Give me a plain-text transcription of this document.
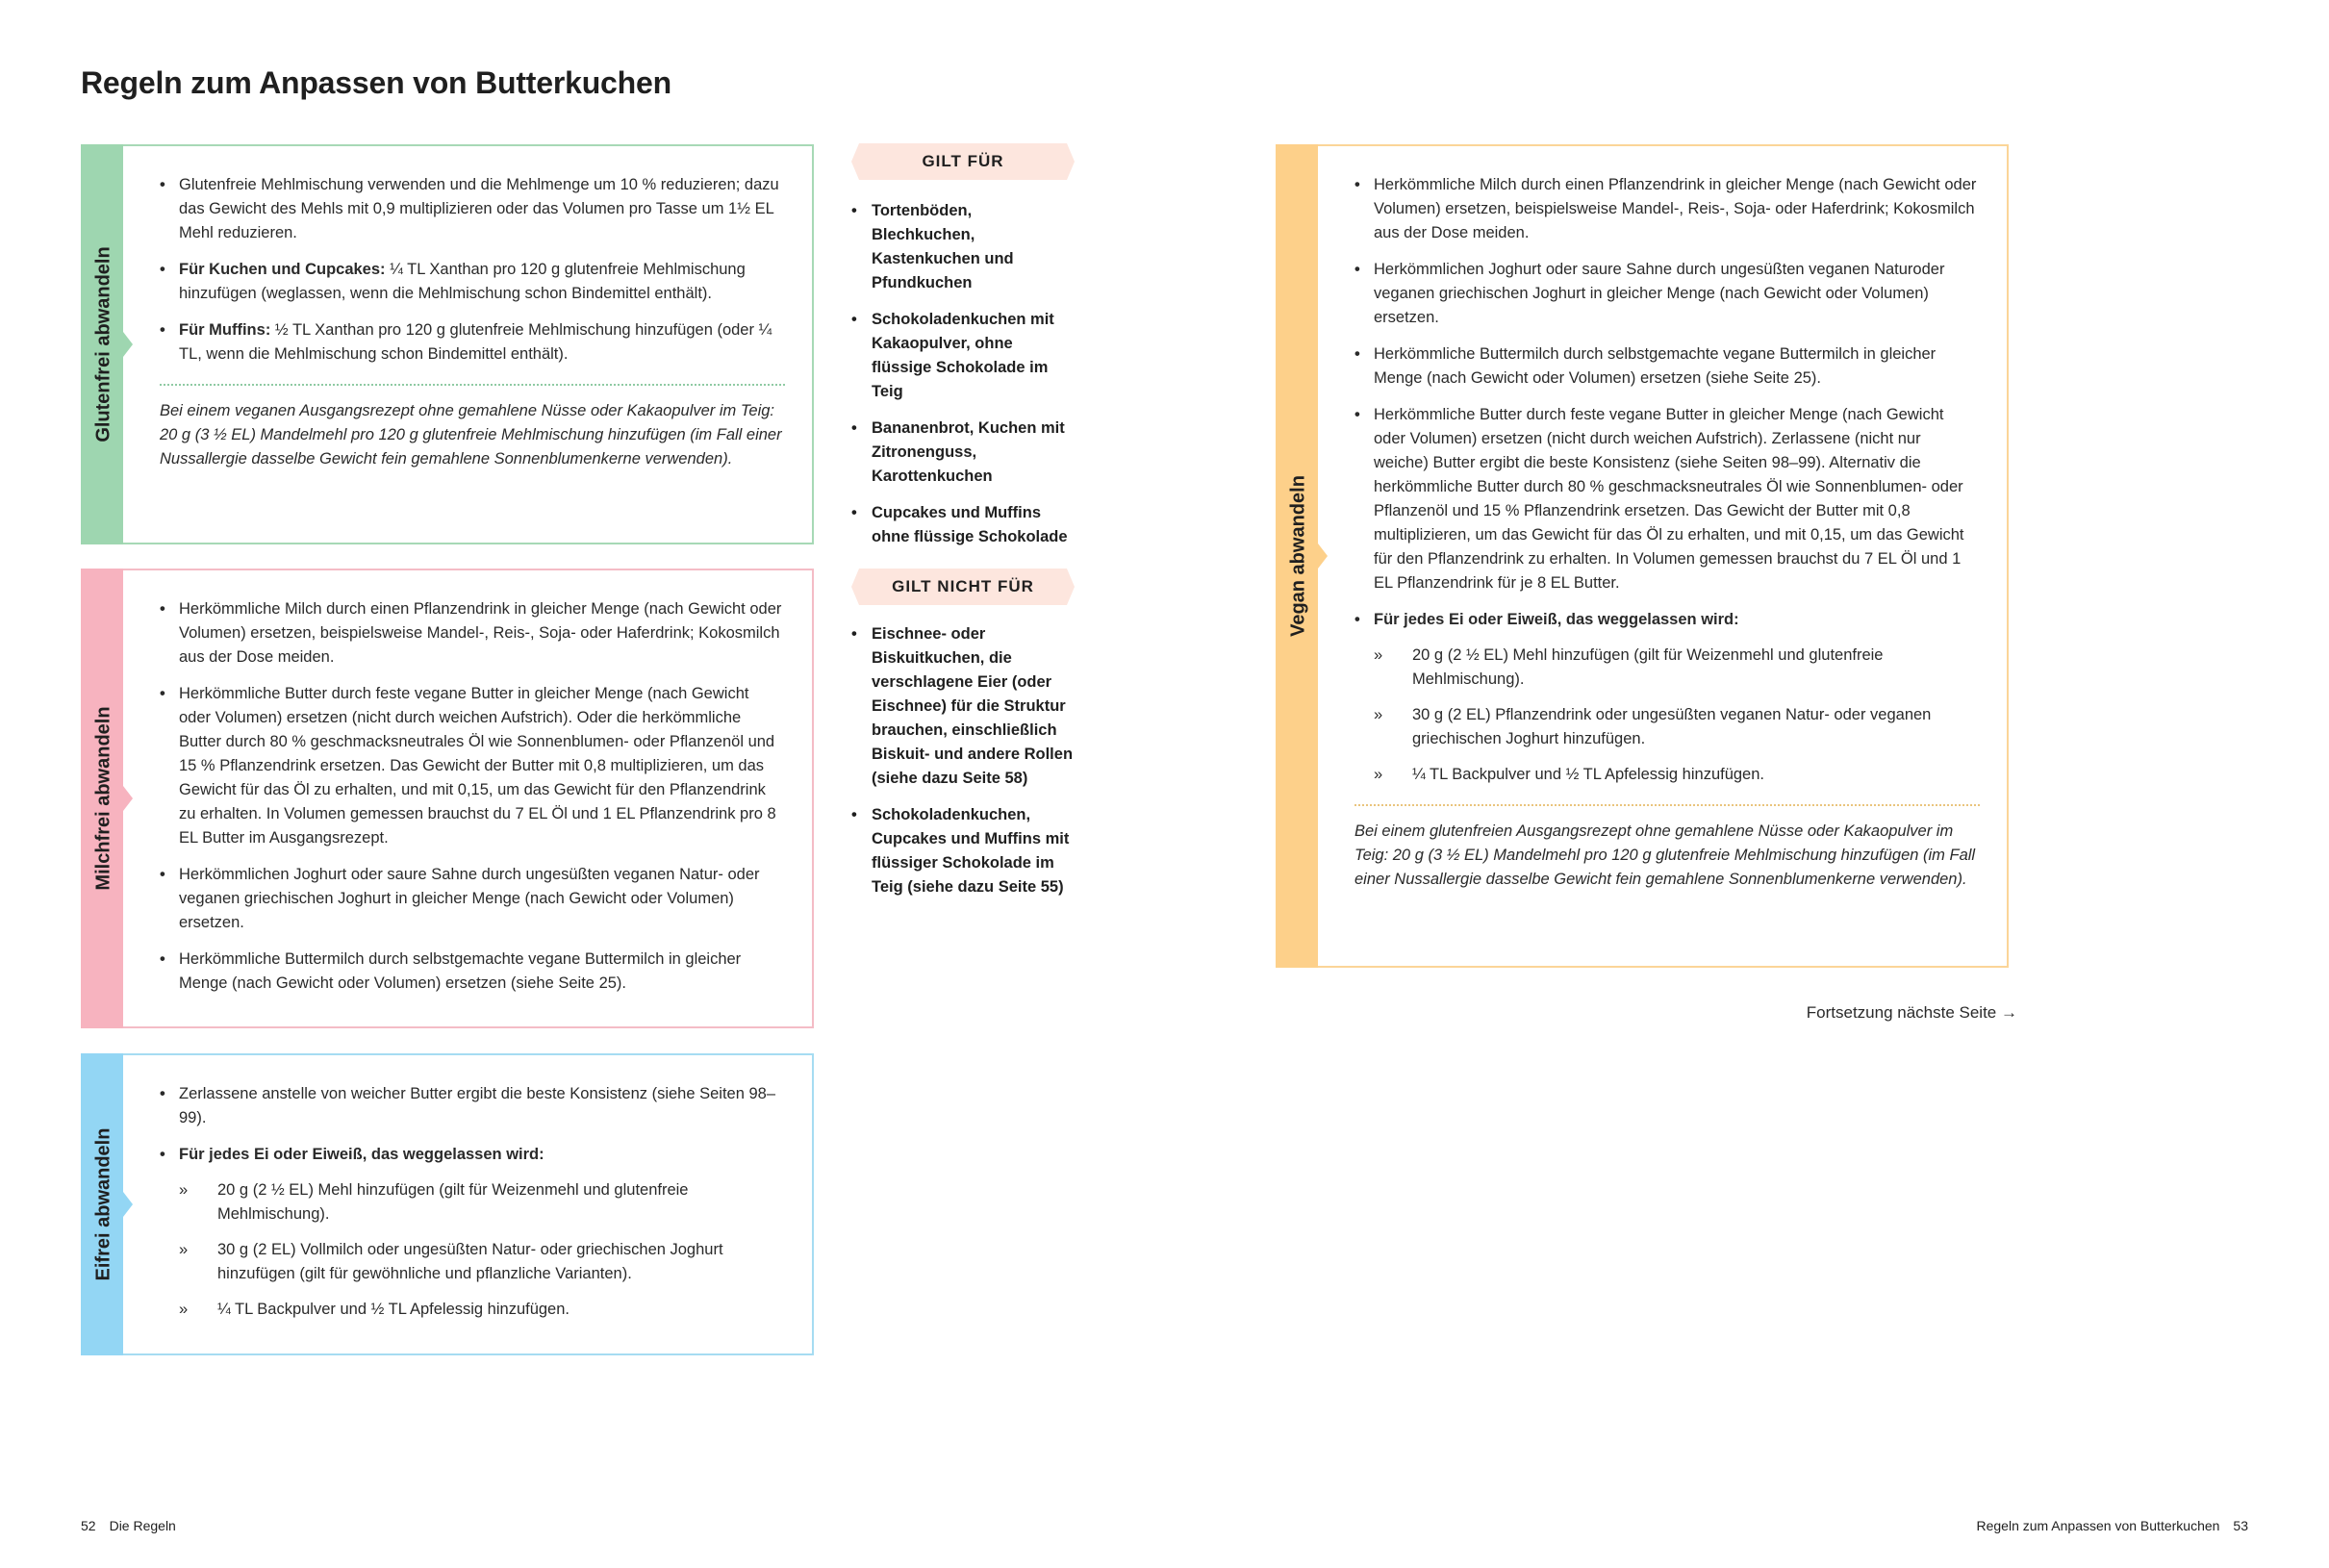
Regeln zum Anpassen von Butterkuchen
Glutenfrei abwandeln
• Glutenfreie Mehlmischung verwenden und die Mehlmenge um 10 % reduzieren; dazu das Gewicht des Mehls mit 0,9 multiplizieren oder das Volumen pro Tasse um 1½ EL Mehl reduzieren.
• Für Kuchen und Cupcakes: ¼ TL Xanthan pro 120 g glutenfreie Mehlmischung hinzufügen (weglassen, wenn die Mehlmischung schon Bindemittel enthält).
• Für Muffins: ½ TL Xanthan pro 120 g glutenfreie Mehlmischung hinzufügen (oder ¼ TL, wenn die Mehlmischung schon Bindemittel enthält).

Bei einem veganen Ausgangsrezept ohne gemahlene Nüsse oder Kakaopulver im Teig: 20 g (3 ½ EL) Mandelmehl pro 120 g glutenfreie Mehlmischung hinzufügen (im Fall einer Nussallergie dasselbe Gewicht fein gemahlene Sonnenblumenkerne verwenden).

Milchfrei abwandeln
• Herkömmliche Milch durch einen Pflanzendrink in gleicher Menge (nach Gewicht oder Volumen) ersetzen, beispielsweise Mandel-, Reis-, Soja- oder Haferdrink; Kokosmilch aus der Dose meiden.
• Herkömmliche Butter durch feste vegane Butter in gleicher Menge (nach Gewicht oder Volumen) ersetzen (nicht durch weichen Aufstrich). Oder die herkömmliche Butter durch 80 % geschmacksneutrales Öl wie Sonnenblumen- oder Pflanzenöl und 15 % Pflanzendrink ersetzen. Das Gewicht der Butter mit 0,8 multiplizieren, um das Gewicht für das Öl zu erhalten, und mit 0,15, um das Gewicht für den Pflanzendrink zu erhalten. In Volumen gemessen brauchst du 7 EL Öl und 1 EL Pflanzendrink pro 8 EL Butter im Ausgangsrezept.
• Herkömmlichen Joghurt oder saure Sahne durch ungesüßten veganen Natur- oder veganen griechischen Joghurt in gleicher Menge (nach Gewicht oder Volumen) ersetzen.
• Herkömmliche Buttermilch durch selbstgemachte vegane Buttermilch in gleicher Menge (nach Gewicht oder Volumen) ersetzen (siehe Seite 25).
Eifrei abwandeln
• Zerlassene anstelle von weicher Butter ergibt die beste Konsistenz (siehe Seiten 98–99).
• Für jedes Ei oder Eiweiß, das weggelassen wird:
» 20 g (2 ½ EL) Mehl hinzufügen (gilt für Weizenmehl und glutenfreie Mehlmischung).
» 30 g (2 EL) Vollmilch oder ungesüßten Natur- oder griechischen Joghurt hinzufügen (gilt für gewöhnliche und pflanzliche Varianten).
» ¼ TL Backpulver und ½ TL Apfelessig hinzufügen.
GILT FÜR
• Tortenböden, Blechkuchen, Kastenkuchen und Pfundkuchen
• Schokoladenkuchen mit Kakaopulver, ohne flüssige Schokolade im Teig
• Bananenbrot, Kuchen mit Zitronenguss, Karottenkuchen
• Cupcakes und Muffins ohne flüssige Schokolade
GILT NICHT FÜR
• Eischnee- oder Biskuitkuchen, die verschlagene Eier (oder Eischnee) für die Struktur brauchen, einschließlich Biskuit- und andere Rollen (siehe dazu Seite 58)
• Schokoladenkuchen, Cupcakes und Muffins mit flüssiger Schokolade im Teig (siehe dazu Seite 55)
Vegan abwandeln
• Herkömmliche Milch durch einen Pflanzendrink in gleicher Menge (nach Gewicht oder Volumen) ersetzen, beispielsweise Mandel-, Reis-, Soja- oder Haferdrink; Kokosmilch aus der Dose meiden.
• Herkömmlichen Joghurt oder saure Sahne durch ungesüßten veganen Naturoder veganen griechischen Joghurt in gleicher Menge (nach Gewicht oder Volumen) ersetzen.
• Herkömmliche Buttermilch durch selbstgemachte vegane Buttermilch in gleicher Menge (nach Gewicht oder Volumen) ersetzen (siehe Seite 25).
• Herkömmliche Butter durch feste vegane Butter in gleicher Menge (nach Gewicht oder Volumen) ersetzen (nicht durch weichen Aufstrich). Zerlassene (nicht nur weiche) Butter ergibt die beste Konsistenz (siehe Seiten 98–99). Alternativ die herkömmliche Butter durch 80 % geschmacksneutrales Öl wie Sonnenblumen- oder Pflanzenöl und 15 % Pflanzendrink ersetzen. Das Gewicht der Butter mit 0,8 multiplizieren, um das Gewicht für das Öl zu erhalten, und mit 0,15, um das Gewicht für den Pflanzendrink zu erhalten. In Volumen gemessen brauchst du 7 EL Öl und 1 EL Pflanzendrink für je 8 EL Butter.
• Für jedes Ei oder Eiweiß, das weggelassen wird:
» 20 g (2 ½ EL) Mehl hinzufügen (gilt für Weizenmehl und glutenfreie Mehlmischung).
» 30 g (2 EL) Pflanzendrink oder ungesüßten veganen Natur- oder veganen griechischen Joghurt hinzufügen.
» ¼ TL Backpulver und ½ TL Apfelessig hinzufügen.

Bei einem glutenfreien Ausgangsrezept ohne gemahlene Nüsse oder Kakaopulver im Teig: 20 g (3 ½ EL) Mandelmehl pro 120 g glutenfreie Mehlmischung hinzufügen (im Fall einer Nussallergie dasselbe Gewicht fein gemahlene Sonnenblumenkerne verwenden).

Fortsetzung nächste Seite →
52 Die Regeln	Regeln zum Anpassen von Butterkuchen 53
